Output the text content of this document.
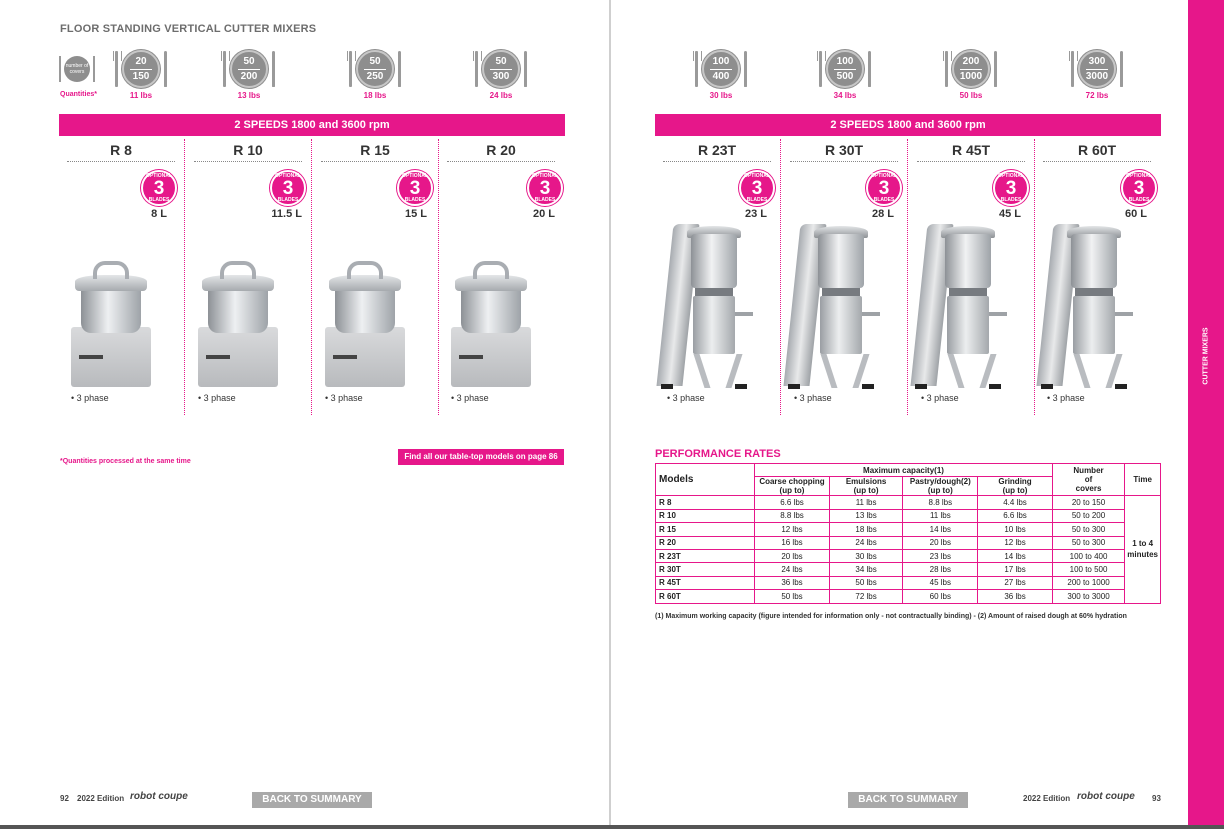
FLOOR STANDING VERTICAL CUTTER MIXERS
number of covers
Quantities*
20
150
11 lbs
50
200
13 lbs
50
250
18 lbs
50
300
24 lbs
2 SPEEDS 1800 and 3600 rpm
R 8
OPTIONAL
3
BLADES
8 L
• 3 phase
R 10
OPTIONAL
3
BLADES
11.5 L
• 3 phase
R 15
OPTIONAL
3
BLADES
15 L
• 3 phase
R 20
OPTIONAL
3
BLADES
20 L
• 3 phase
*Quantities processed at the same time
Find all our table-top models on page 86
92 2022 Edition robot coupe	BACK TO SUMMARY
100
400
30 lbs
100
500
34 lbs
200
1000
50 lbs
300
3000
72 lbs
2 SPEEDS 1800 and 3600 rpm
R 23T
OPTIONAL
3
BLADES
23 L
• 3 phase
R 30T
OPTIONAL
3
BLADES
28 L
• 3 phase
R 45T
OPTIONAL
3
BLADES
45 L
• 3 phase
R 60T
OPTIONAL
3
BLADES
60 L
• 3 phase
2022 Edition robot coupe 93
BACK TO SUMMARY
CUTTER MIXERS
PERFORMANCE RATES
Models	Maximum capacity(1)				Number
of
covers	Time
	Coarse chopping
(up to)	Emulsions
(up to)	Pastry/dough(2)
(up to)	Grinding
(up to)		
R 8	6.6 lbs	11 lbs	8.8 lbs	4.4 lbs	20 to 150	1 to 4
minutes
R 10	8.8 lbs	13 lbs	11 lbs	6.6 lbs	50 to 200	
R 15	12 lbs	18 lbs	14 lbs	10 lbs	50 to 300	
R 20	16 lbs	24 lbs	20 lbs	12 lbs	50 to 300	
R 23T	20 lbs	30 lbs	23 lbs	14 lbs	100 to 400	
R 30T	24 lbs	34 lbs	28 lbs	17 lbs	100 to 500	
R 45T	36 lbs	50 lbs	45 lbs	27 lbs	200 to 1000	
R 60T	50 lbs	72 lbs	60 lbs	36 lbs	300 to 3000	
(1) Maximum working capacity (figure intended for information only - not contractually binding) - (2) Amount of raised dough at 60% hydration
